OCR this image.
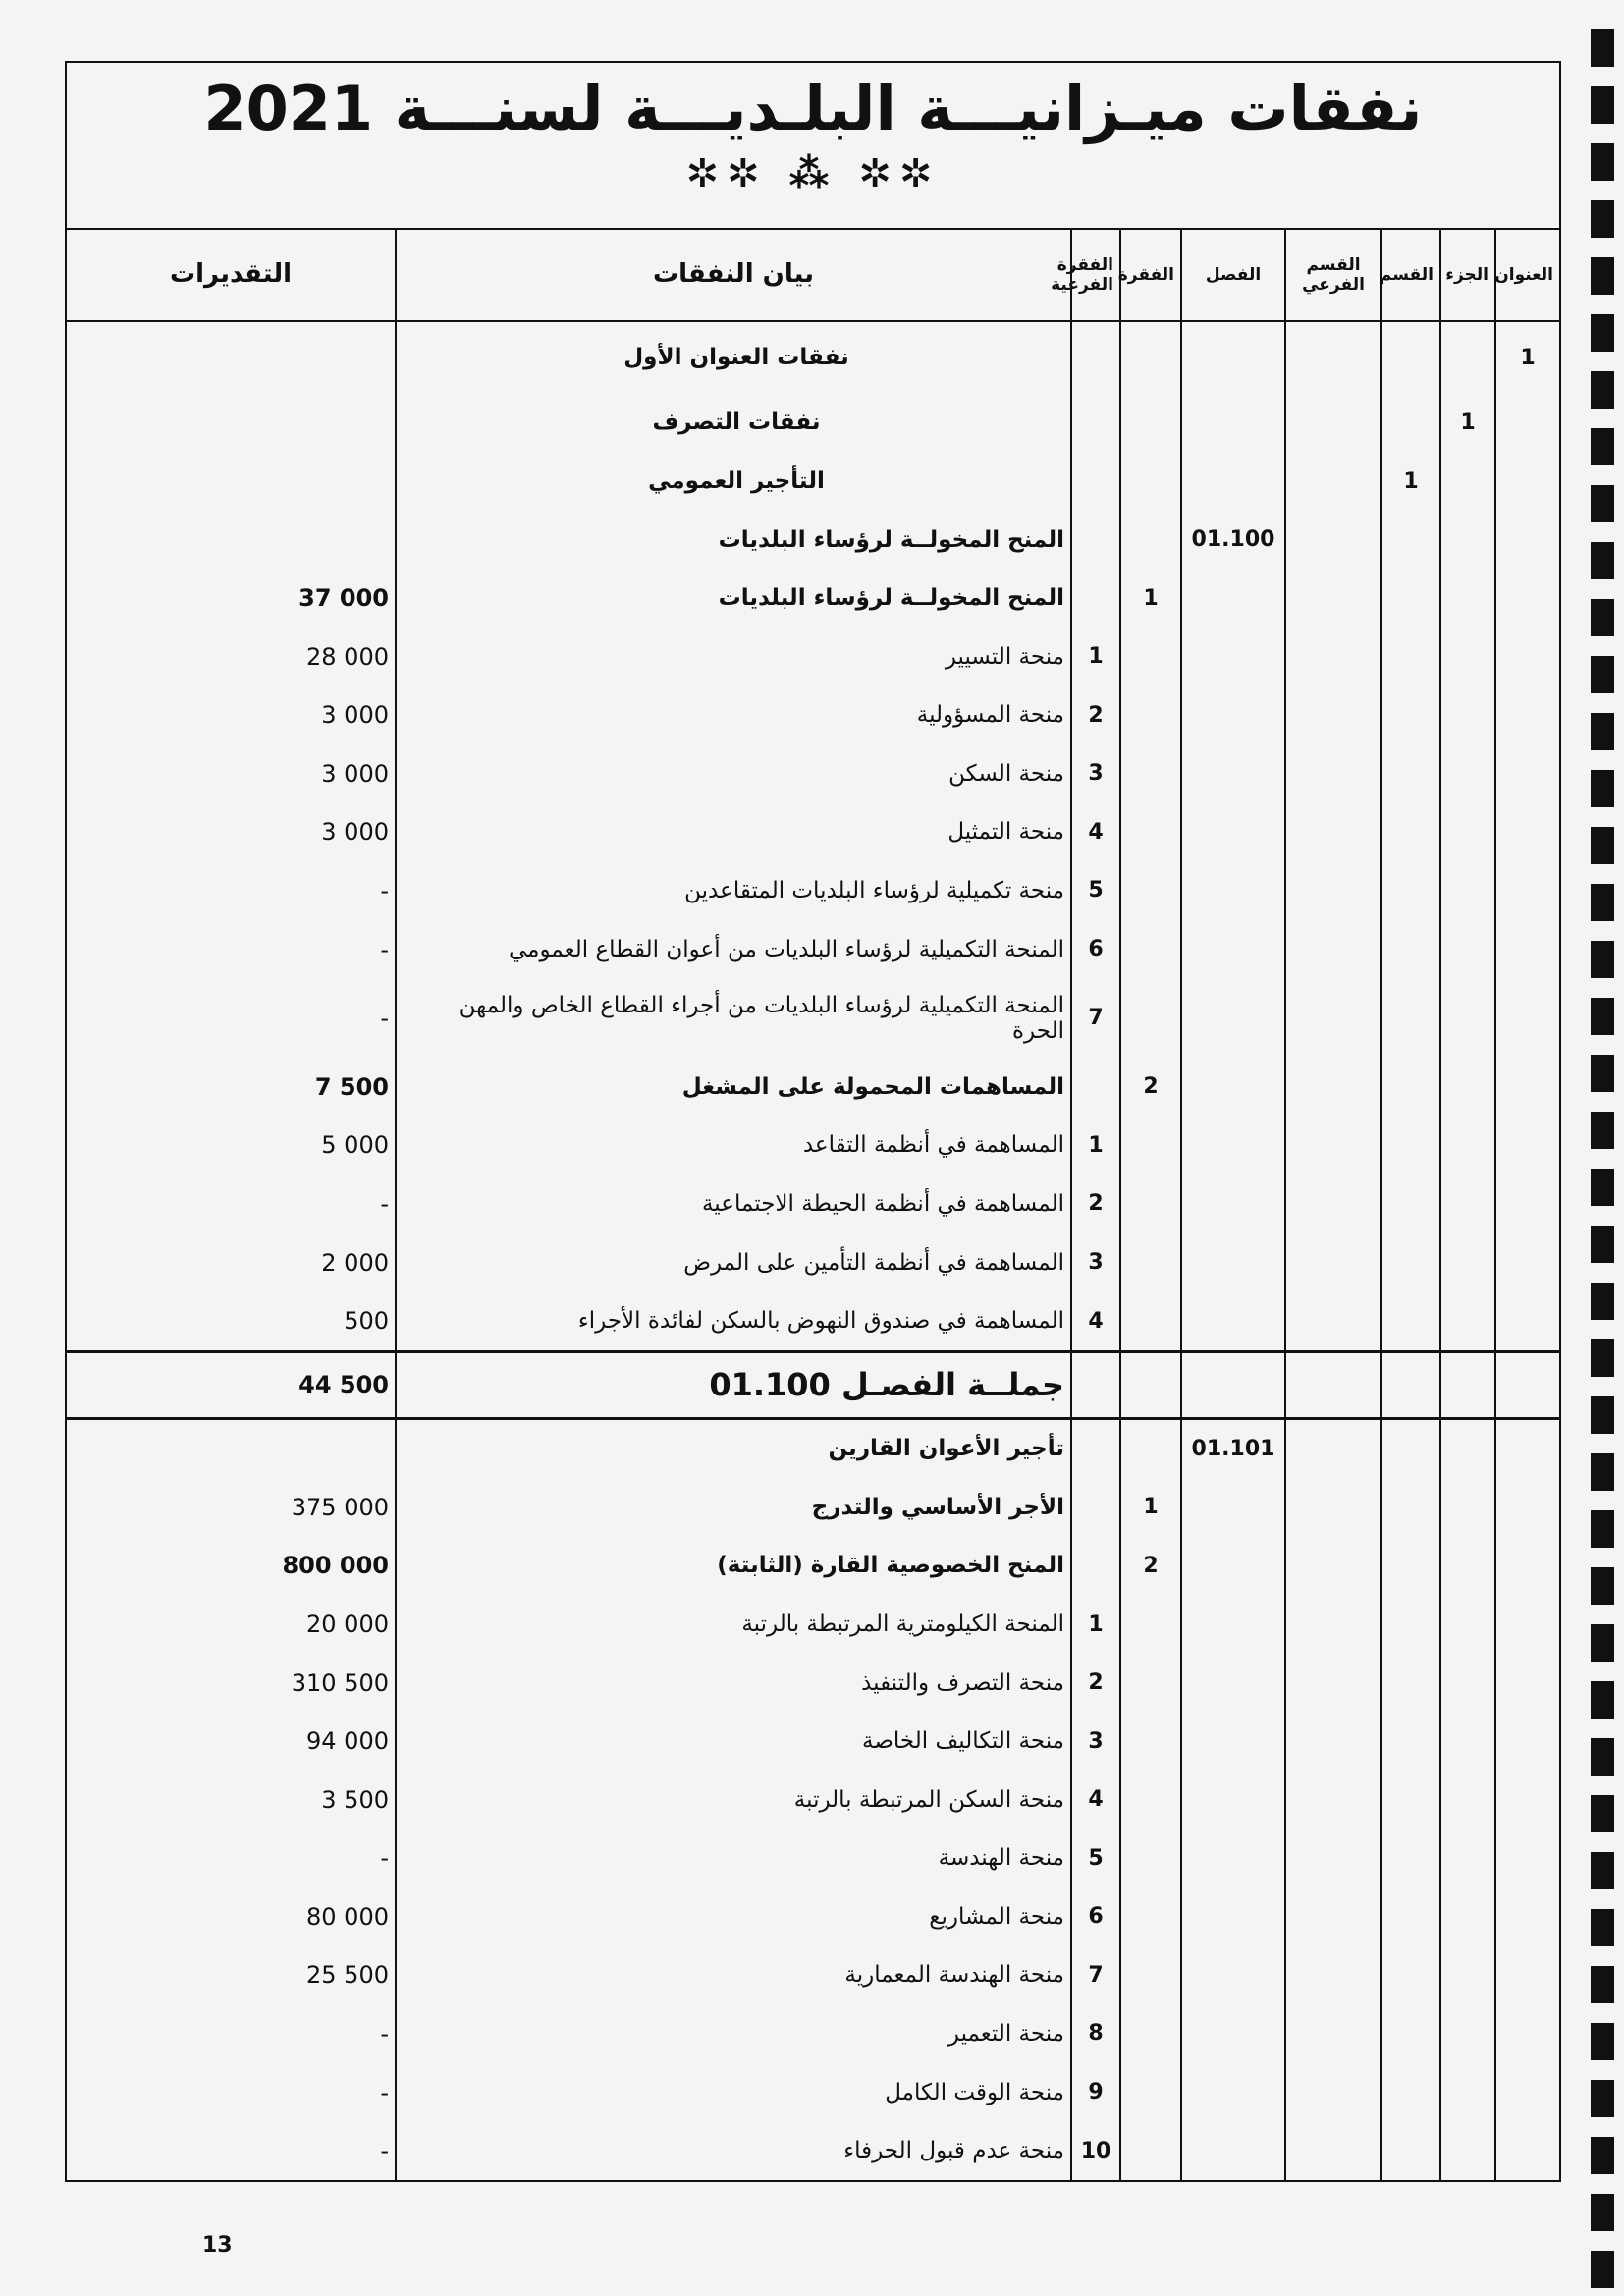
نفقات ميـزانيـــة البلـديـــة لسنـــة 2021
✲✲ ⁂ ✲✲
العنوان	الجزء	القسم	القسم الفرعي	الفصل	الفقرة	الفقرة الفرعية	بيان النفقات	التقديرات
1							نفقات العنوان الأول	
	1						نفقات التصرف	
		1					التأجير العمومي	
				01.100			المنح المخولــة لرؤساء البلديات	
					1		المنح المخولــة لرؤساء البلديات	37 000
						1	منحة التسيير	28 000
						2	منحة المسؤولية	3 000
						3	منحة السكن	3 000
						4	منحة التمثيل	3 000
						5	منحة تكميلية لرؤساء البلديات المتقاعدين	-
						6	المنحة التكميلية لرؤساء البلديات من أعوان القطاع العمومي	-
						7	المنحة التكميلية لرؤساء البلديات من أجراء القطاع الخاص والمهن الحرة	-
					2		المساهمات المحمولة على المشغل	7 500
						1	المساهمة في أنظمة التقاعد	5 000
						2	المساهمة في أنظمة الحيطة الاجتماعية	-
						3	المساهمة في أنظمة التأمين على المرض	2 000
						4	المساهمة في صندوق النهوض بالسكن لفائدة الأجراء	500
							جملــة الفصـل 01.100	44 500
				01.101			تأجير الأعوان القارين	
					1		الأجر الأساسي والتدرج	375 000
					2		المنح الخصوصية القارة (الثابتة)	800 000
						1	المنحة الكيلومترية المرتبطة بالرتبة	20 000
						2	منحة التصرف والتنفيذ	310 500
						3	منحة التكاليف الخاصة	94 000
						4	منحة السكن المرتبطة بالرتبة	3 500
						5	منحة الهندسة	-
						6	منحة المشاريع	80 000
						7	منحة الهندسة المعمارية	25 500
						8	منحة التعمير	-
						9	منحة الوقت الكامل	-
						10	منحة عدم قبول الحرفاء	-
13
